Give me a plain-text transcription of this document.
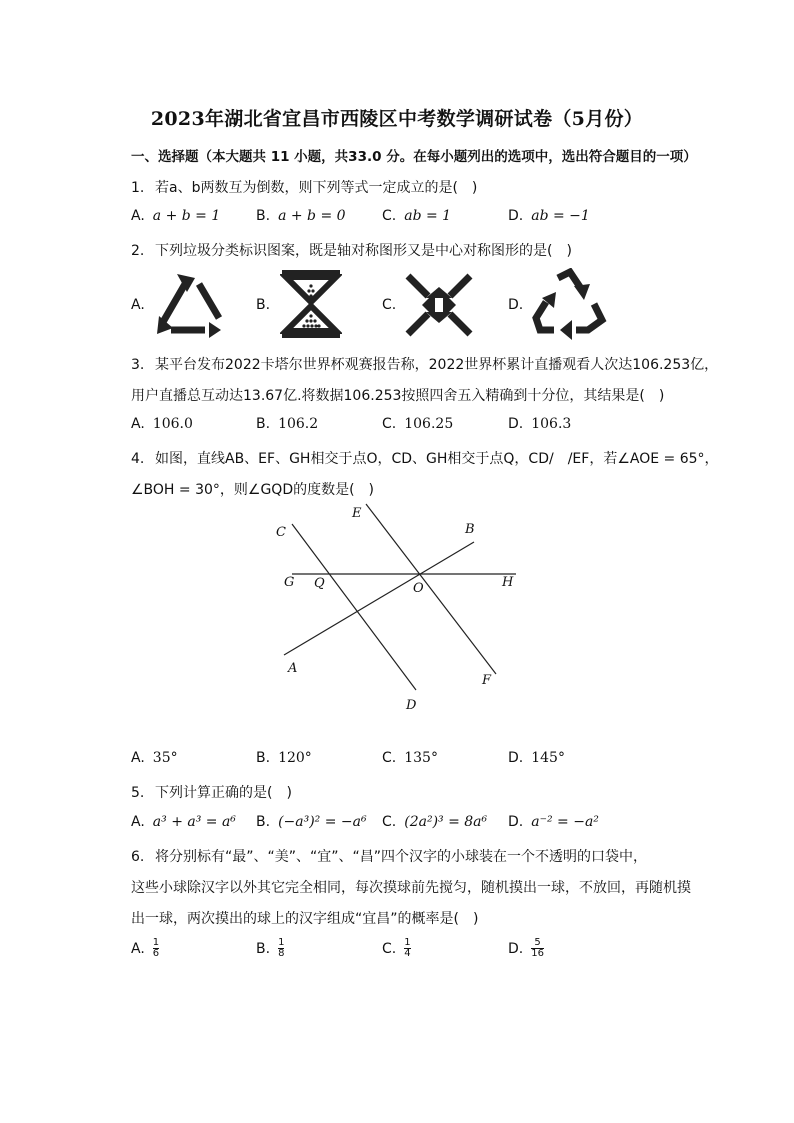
2023年湖北省宜昌市西陵区中考数学调研试卷（5月份）
一、选择题（本大题共 11 小题，共33.0 分。在每小题列出的选项中，选出符合题目的一项）
1. 若a、b两数互为倒数，则下列等式一定成立的是(　)
A. a + b = 1	B. a + b = 0	C. ab = 1	D. ab = −1
2. 下列垃圾分类标识图案，既是轴对称图形又是中心对称图形的是(　)
A.	B.	C.	D.
3. 某平台发布2022卡塔尔世界杯观赛报告称，2022世界杯累计直播观看人次达106.253亿，
用户直播总互动达13.67亿.将数据106.253按照四舍五入精确到十分位，其结果是(　)
A. 106.0	B. 106.2	C. 106.25	D. 106.3
4. 如图，直线AB、EF、GH相交于点O，CD、GH相交于点Q，CD/　/EF，若∠AOE = 65°，
∠BOH = 30°，则∠GQD的度数是(　)
C
E
B
G Q	O	H
A
F
D
A. 35°	B. 120°	C. 135°	D. 145°
5. 下列计算正确的是(　)
A. a³ + a³ = a⁶ B. (−a³)² = −a⁶ C. (2a²)³ = 8a⁶ D. a⁻² = −a²
6. 将分别标有“最”、“美”、“宜”、“昌”四个汉字的小球装在一个不透明的口袋中，
这些小球除汉字以外其它完全相同，每次摸球前先搅匀，随机摸出一球，不放回，再随机摸
出一球，两次摸出的球上的汉字组成“宜昌”的概率是(　)
A. $\frac{1}{6}$	B. $\frac{1}{8}$	C. $\frac{1}{4}$	D. $\frac{5}{16}$
